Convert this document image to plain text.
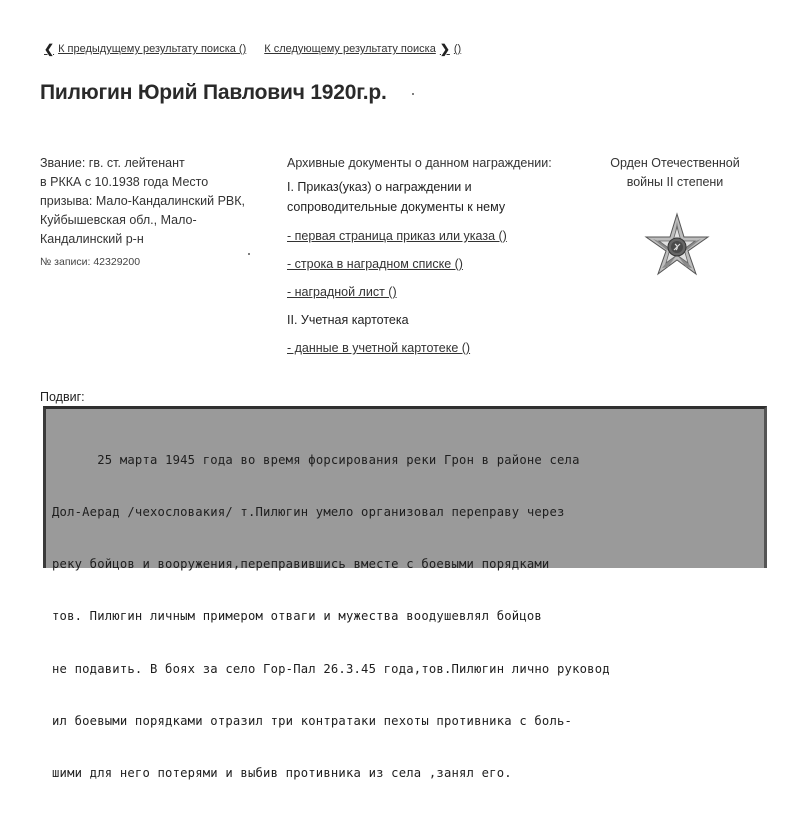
❮ К предыдущему результату поиска () К следующему результату поиска ❯ ()
Пилюгин Юрий Павлович 1920г.р.
Звание: гв. ст. лейтенант
в РККА с 10.1938 года Место
призыва: Мало-Кандалинский РВК,
Куйбышевская обл., Мало-
Кандалинский р-н
№ записи: 42329200
Архивные документы о данном награждении:
I. Приказ(указ) о награждении и
сопроводительные документы к нему
- первая страница приказ или указа ()
- строка в наградном списке ()
- наградной лист ()
II. Учетная картотека
- данные в учетной картотеке ()
Орден Отечественной
войны II степени
Подвиг:

25 марта 1945 года во время форсирования реки Грон в районе села

Дол-Аерад /чехословакия/ т.Пилюгин умело организовал переправу через

реку бойцов и вооружения,переправившись вместе с боевыми порядками

тов. Пилюгин личным примером отваги и мужества воодушевлял бойцов

не подавить. В боях за село Гор-Пал 26.3.45 года,тов.Пилюгин лично руковод

ил боевыми порядками отразил три контратаки пехоты противника с боль-

шими для него потерями и выбив противника из села ,занял его.
